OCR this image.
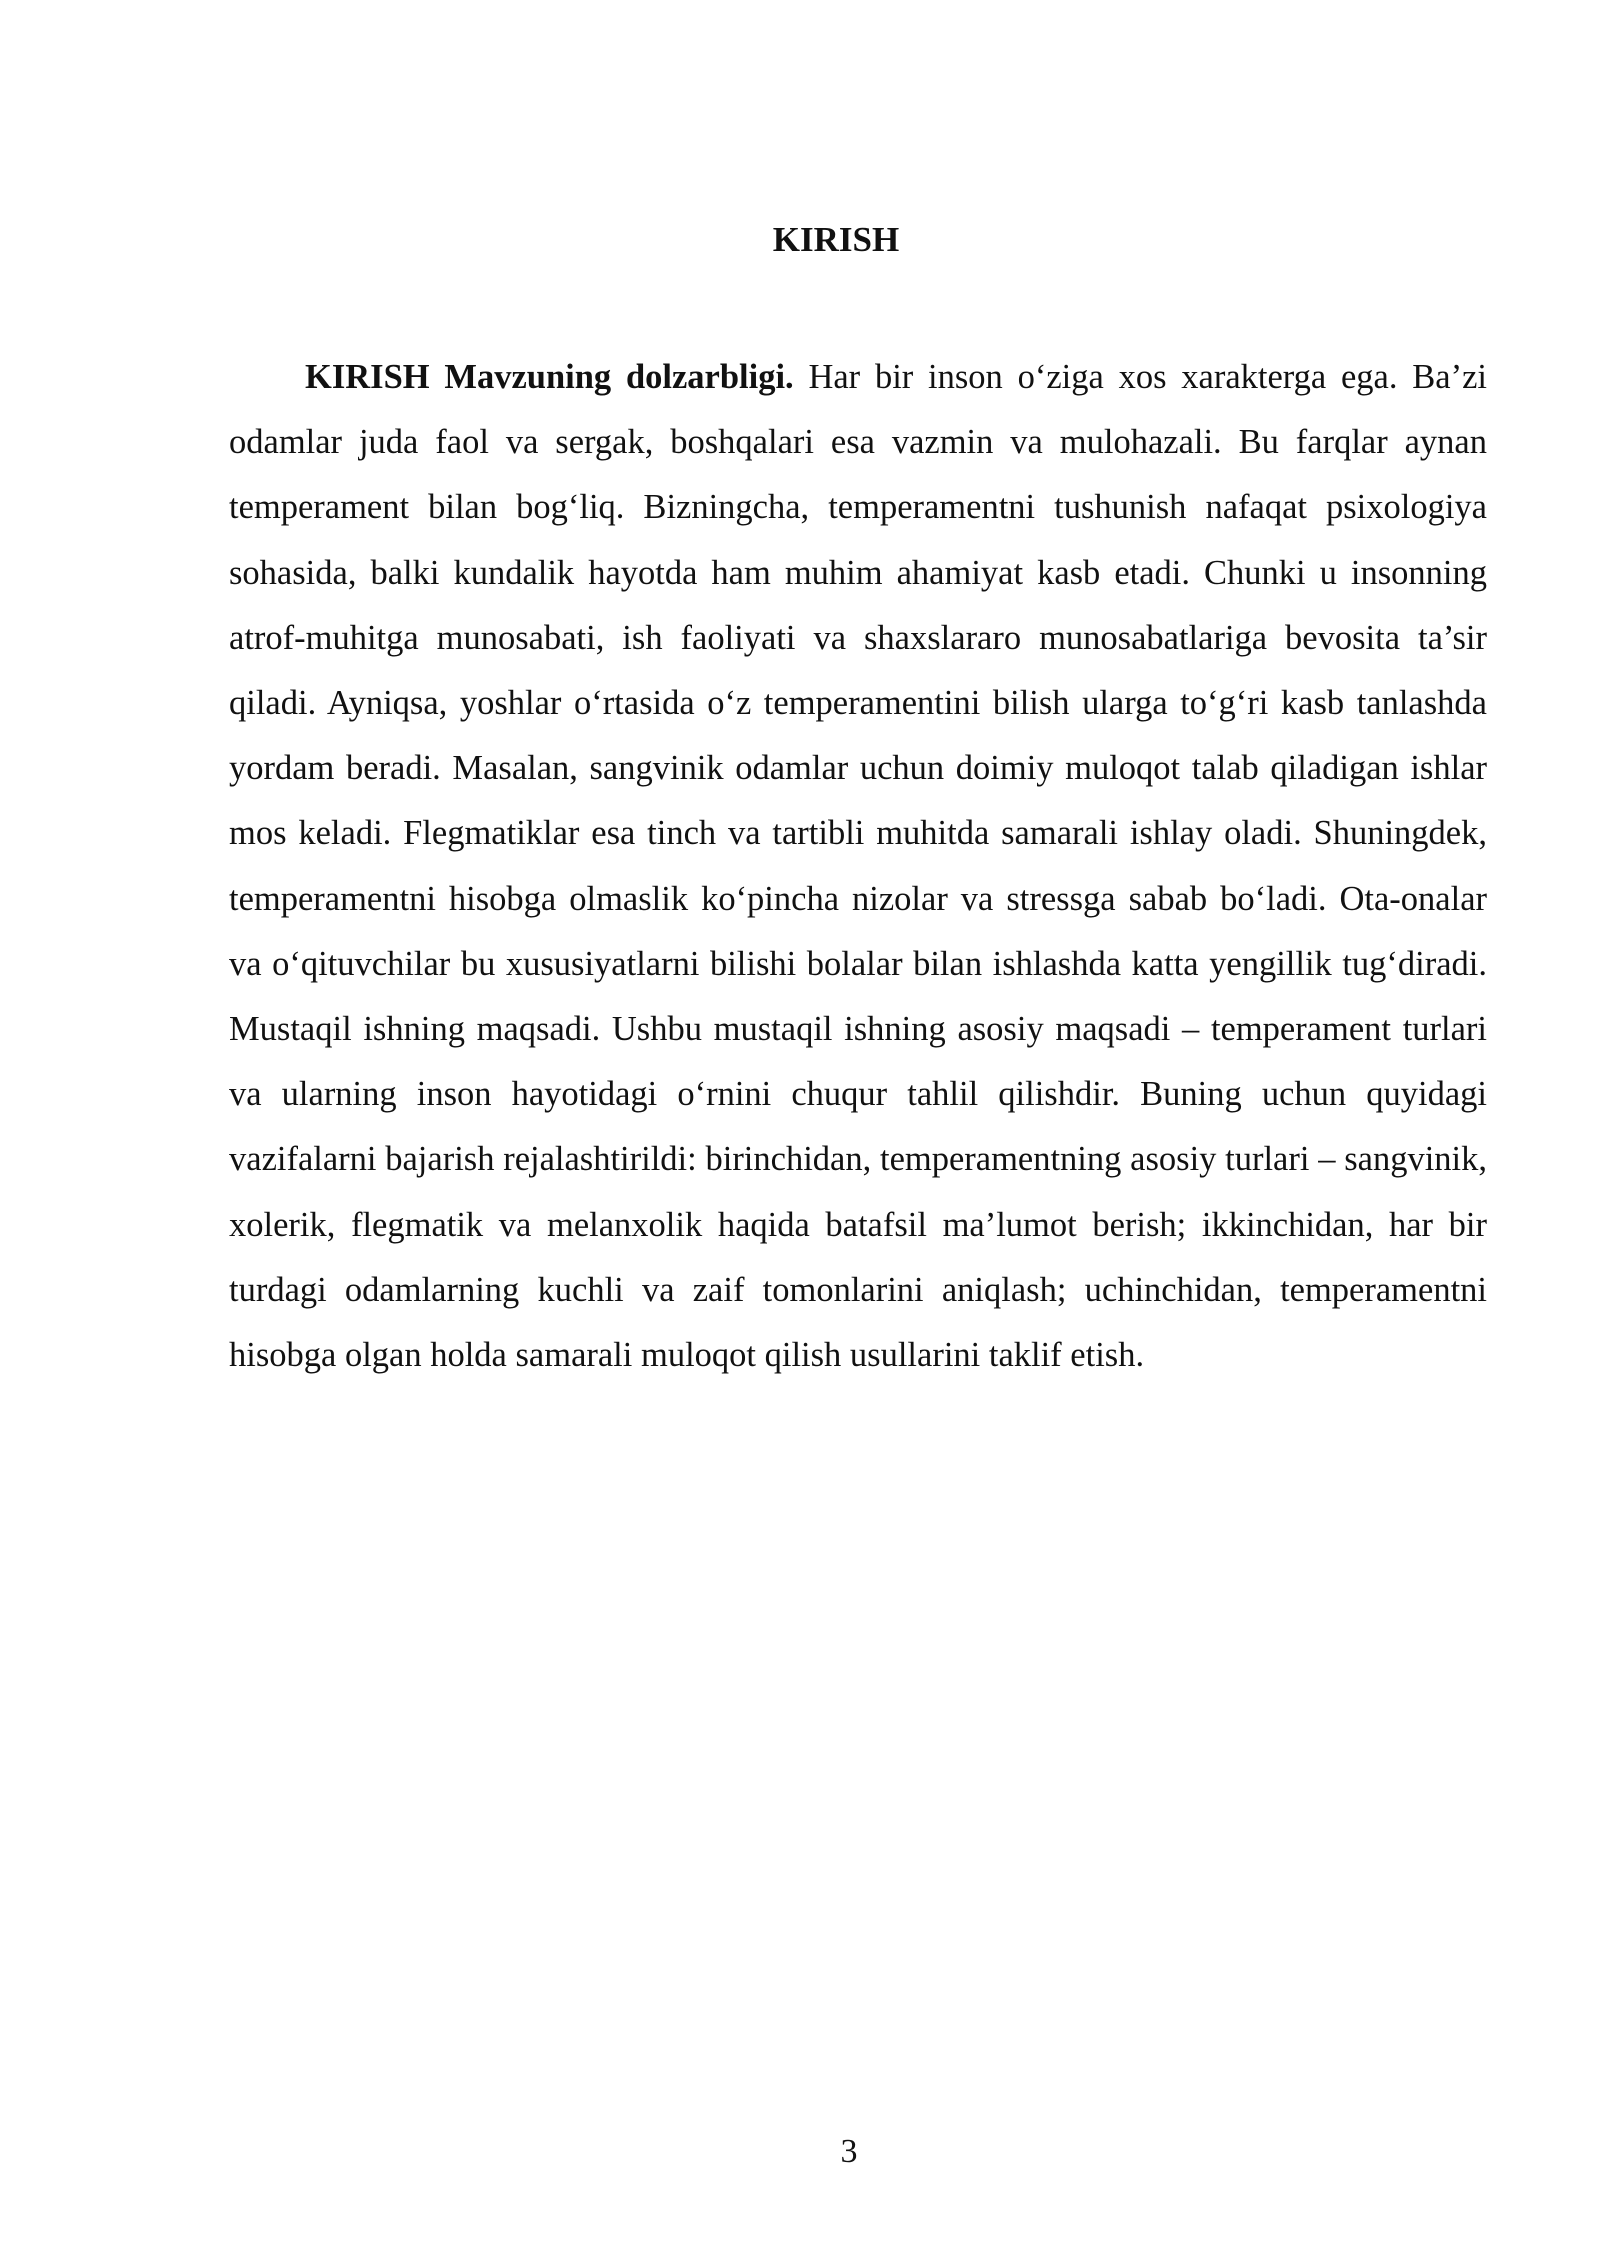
KIRISH

KIRISH Mavzuning dolzarbligi. Har bir inson o‘ziga xos xarakterga ega. Ba’zi odamlar juda faol va sergak, boshqalari esa vazmin va mulohazali. Bu farqlar aynan temperament bilan bog‘liq. Bizningcha, temperamentni tushunish nafaqat psixologiya sohasida, balki kundalik hayotda ham muhim ahamiyat kasb etadi. Chunki u insonning atrof-muhitga munosabati, ish faoliyati va shaxslararo munosabatlariga bevosita ta’sir qiladi. Ayniqsa, yoshlar o‘rtasida o‘z temperamentini bilish ularga to‘g‘ri kasb tanlashda yordam beradi. Masalan, sangvinik odamlar uchun doimiy muloqot talab qiladigan ishlar mos keladi. Flegmatiklar esa tinch va tartibli muhitda samarali ishlay oladi. Shuningdek, temperamentni hisobga olmaslik ko‘pincha nizolar va stressga sabab bo‘ladi. Ota-onalar va o‘qituvchilar bu xususiyatlarni bilishi bolalar bilan ishlashda katta yengillik tug‘diradi. Mustaqil ishning maqsadi. Ushbu mustaqil ishning asosiy maqsadi – temperament turlari va ularning inson hayotidagi o‘rnini chuqur tahlil qilishdir. Buning uchun quyidagi vazifalarni bajarish rejalashtirildi: birinchidan, temperamentning asosiy turlari – sangvinik, xolerik, flegmatik va melanxolik haqida batafsil ma’lumot berish; ikkinchidan, har bir turdagi odamlarning kuchli va zaif tomonlarini aniqlash; uchinchidan, temperamentni hisobga olgan holda samarali muloqot qilish usullarini taklif etish.

3
